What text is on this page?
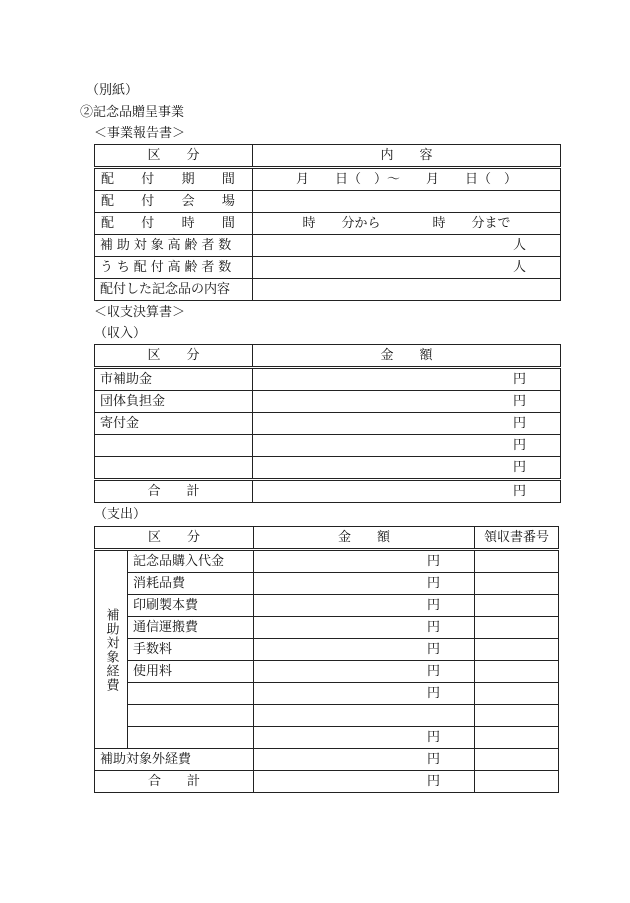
（別紙）
②記念品贈呈事業
＜事業報告書＞
区　　分	内　　容
配　付　期　間	月　　日（　）〜　　月　　日（　）
配　付　会　場	
配　付　時　間	時　　分から　　　　時　　分まで
補助対象高齢者数	人
うち配付高齢者数	人
配付した記念品の内容	
＜収支決算書＞
（収入）
区　　分	金　　額
市補助金	円
団体負担金	円
寄付金	円
	円
	円
合　　計	円
（支出）
区　　分		金　　額	領収書番号
補助対象経費	記念品購入代金	円	
	消耗品費	円	
	印刷製本費	円	
	通信運搬費	円	
	手数料	円	
	使用料	円	
		円	

		円	
補助対象外経費		円	
合　　計		円	
